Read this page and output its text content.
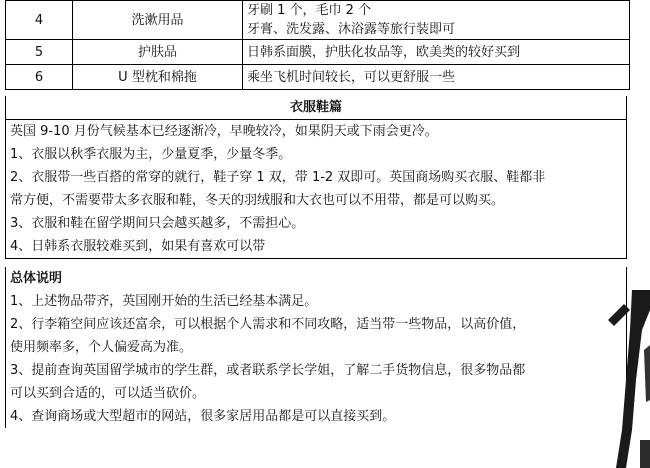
4	洗漱用品	牙刷 1 个，毛巾 2 个
牙膏、洗发露、沐浴露等旅行装即可

5	护肤品	日韩系面膜，护肤化妆品等，欧美类的较好买到

6	U 型枕和棉拖	乘坐飞机时间较长，可以更舒服一些
衣服鞋篇
英国 9-10 月份气候基本已经逐渐冷，早晚较冷，如果阴天或下雨会更冷。
1、衣服以秋季衣服为主，少量夏季，少量冬季。
2、衣服带一些百搭的常穿的就行，鞋子穿 1 双，带 1-2 双即可。英国商场购买衣服、鞋都非
常方便，不需要带太多衣服和鞋，冬天的羽绒服和大衣也可以不用带，都是可以购买。
3、衣服和鞋在留学期间只会越买越多，不需担心。
4、日韩系衣服较难买到，如果有喜欢可以带
总体说明
1、上述物品带齐，英国刚开始的生活已经基本满足。
2、行李箱空间应该还富余，可以根据个人需求和不同攻略，适当带一些物品，以高价值，
使用频率多，个人偏爱高为准。
3、提前查询英国留学城市的学生群，或者联系学长学姐，了解二手货物信息，很多物品都
可以买到合适的，可以适当砍价。
4、查询商场或大型超市的网站，很多家居用品都是可以直接买到。
